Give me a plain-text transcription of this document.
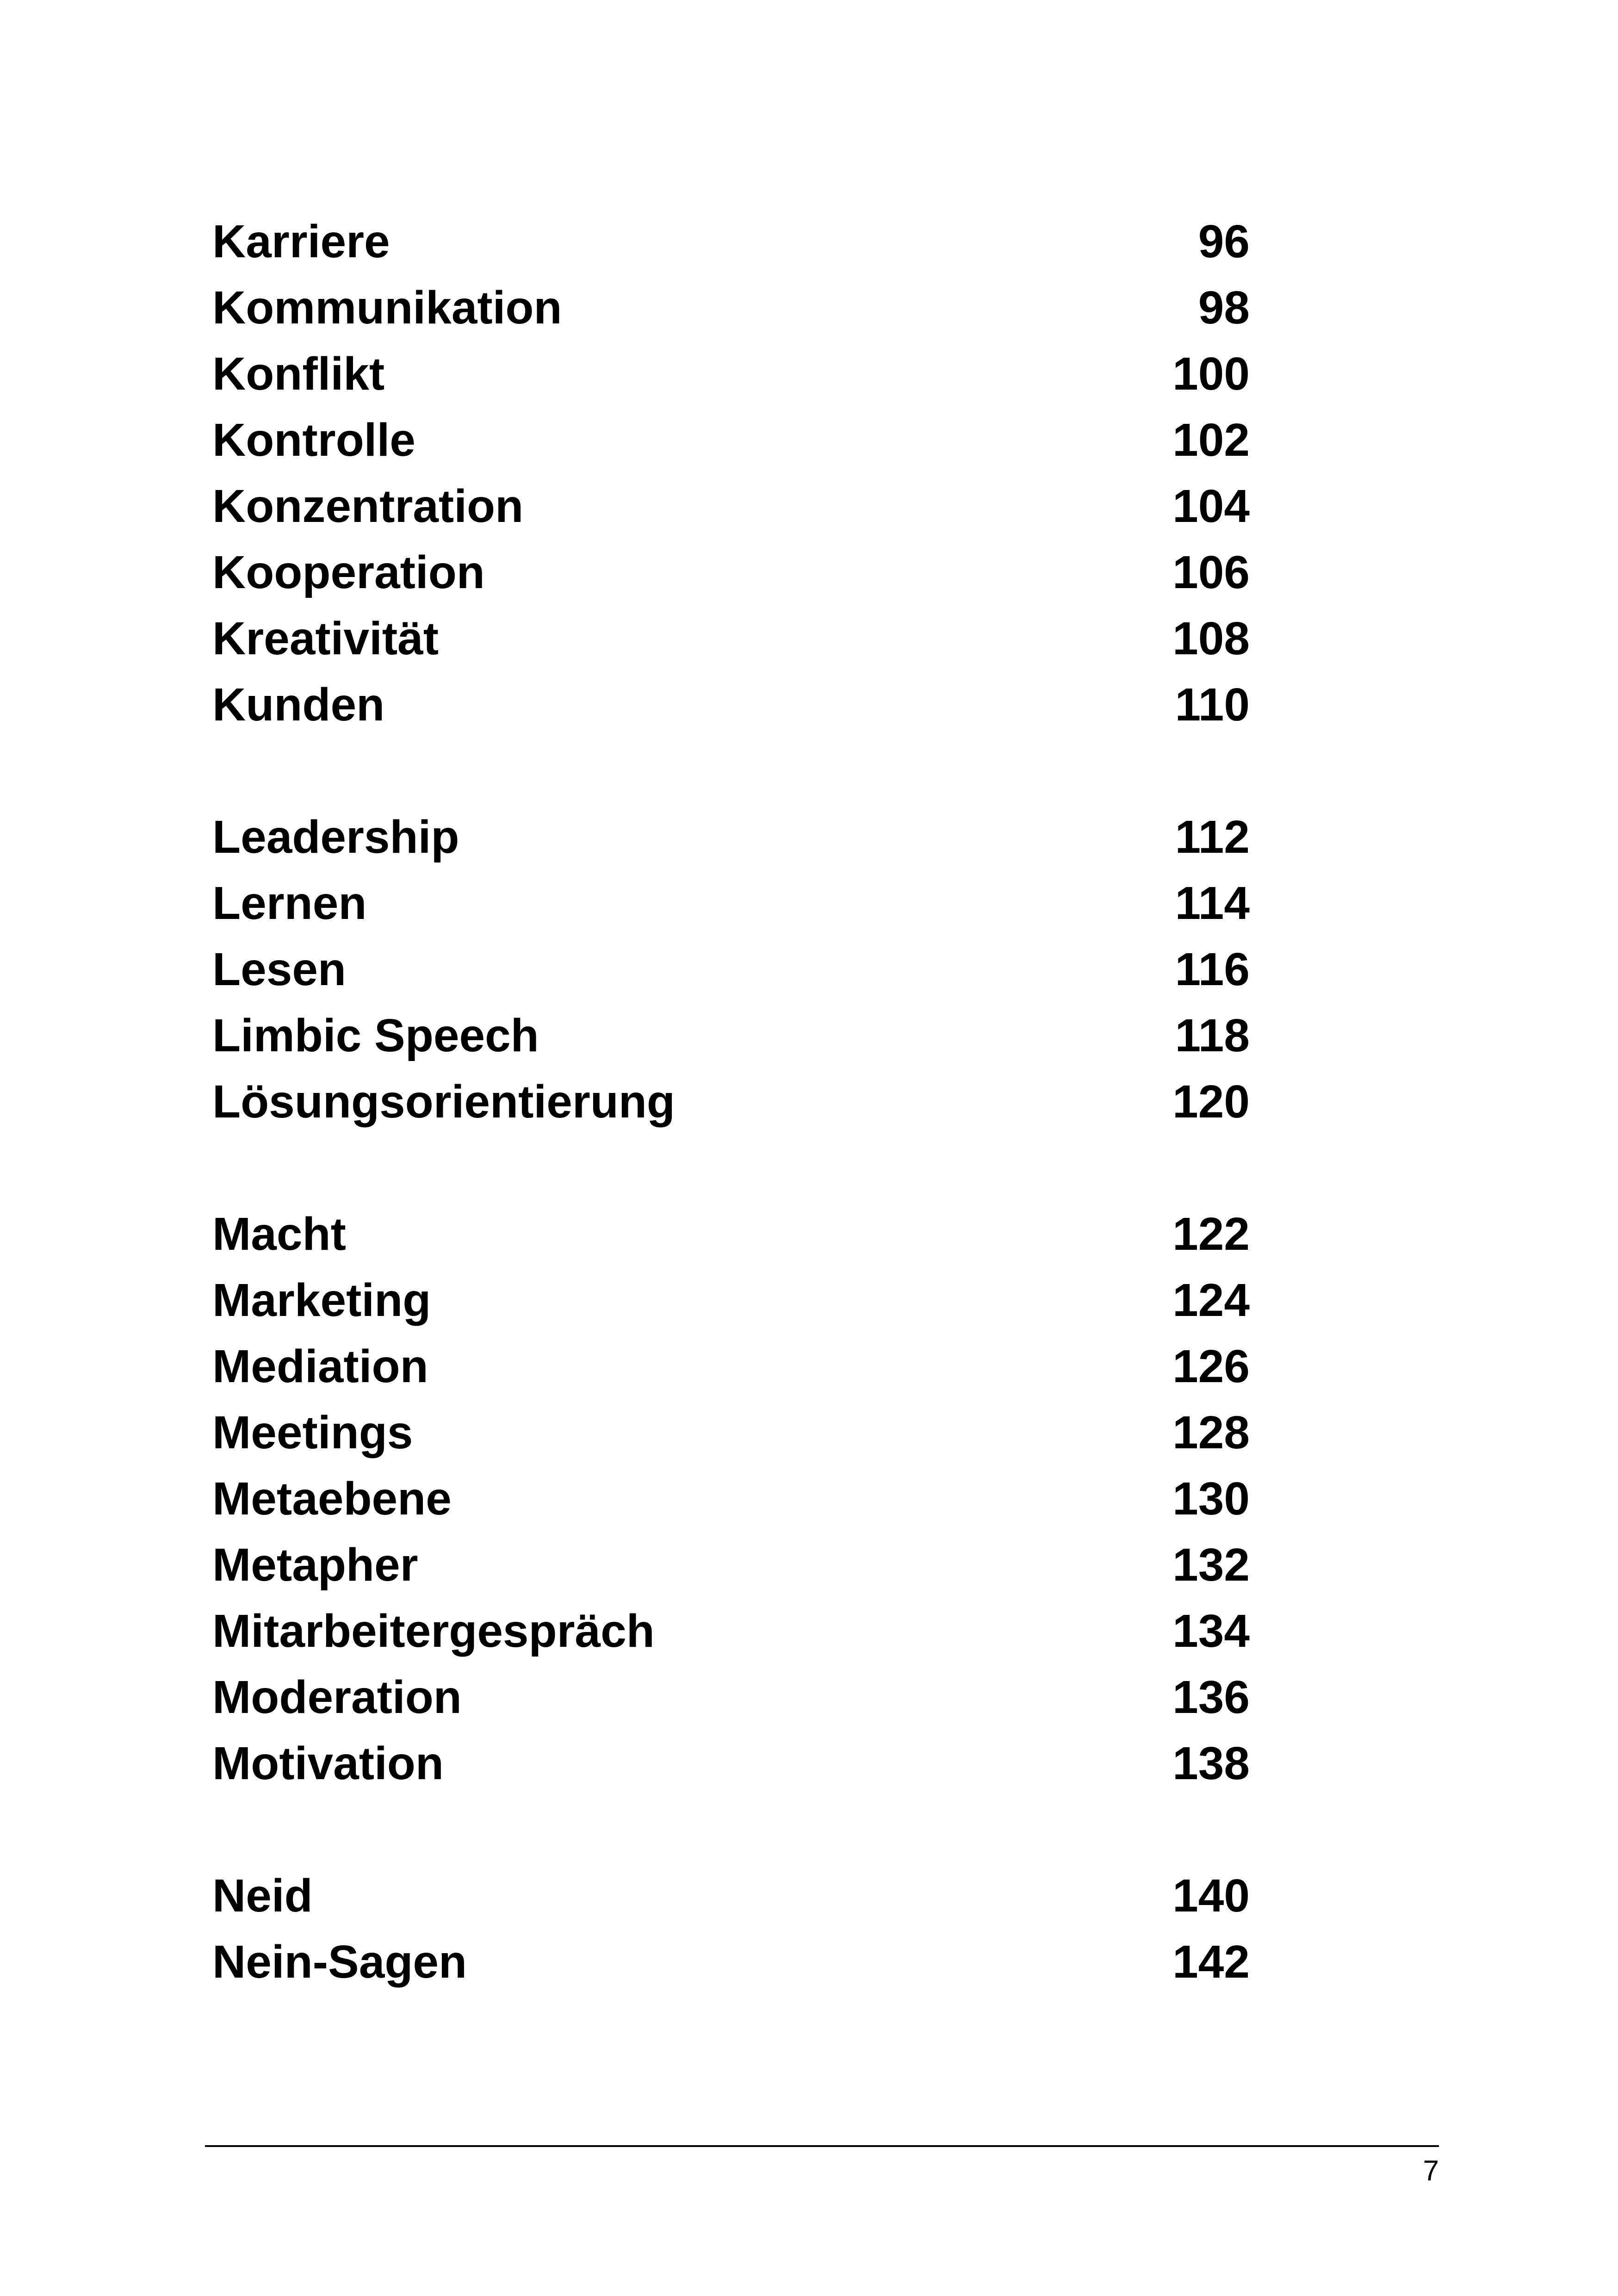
Karriere	96
Kommunikation	98
Konflikt	100
Kontrolle	102
Konzentration	104
Kooperation	106
Kreativität	108
Kunden	110
Leadership	112
Lernen	114
Lesen	116
Limbic Speech	118
Lösungsorientierung	120
Macht	122
Marketing	124
Mediation	126
Meetings	128
Metaebene	130
Metapher	132
Mitarbeitergespräch	134
Moderation	136
Motivation	138
Neid	140
Nein-Sagen	142
7
